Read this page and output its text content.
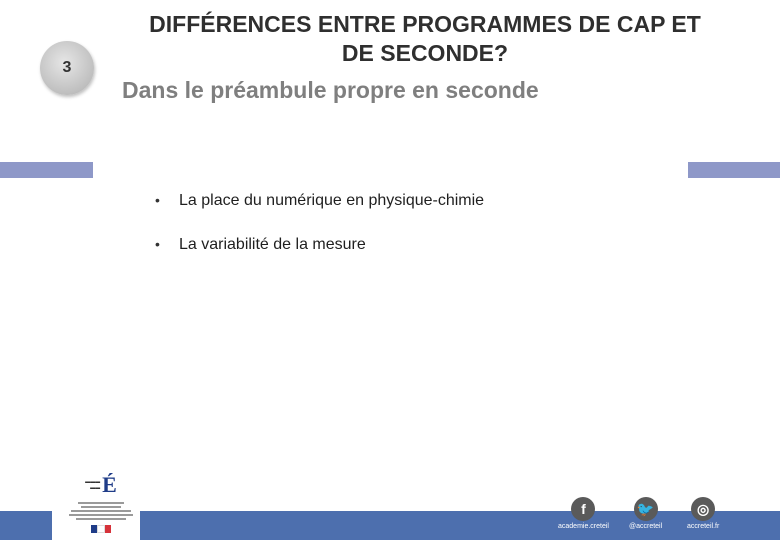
3
DIFFÉRENCES ENTRE PROGRAMMES DE CAP ET DE SECONDE?
Dans le préambule propre en seconde
•	La place du numérique en physique-chimie
•	La variabilité de la mesure
▬▬▬
▬▬ É
f
academie.creteil
🐦
@accreteil
◎
accreteil.fr
